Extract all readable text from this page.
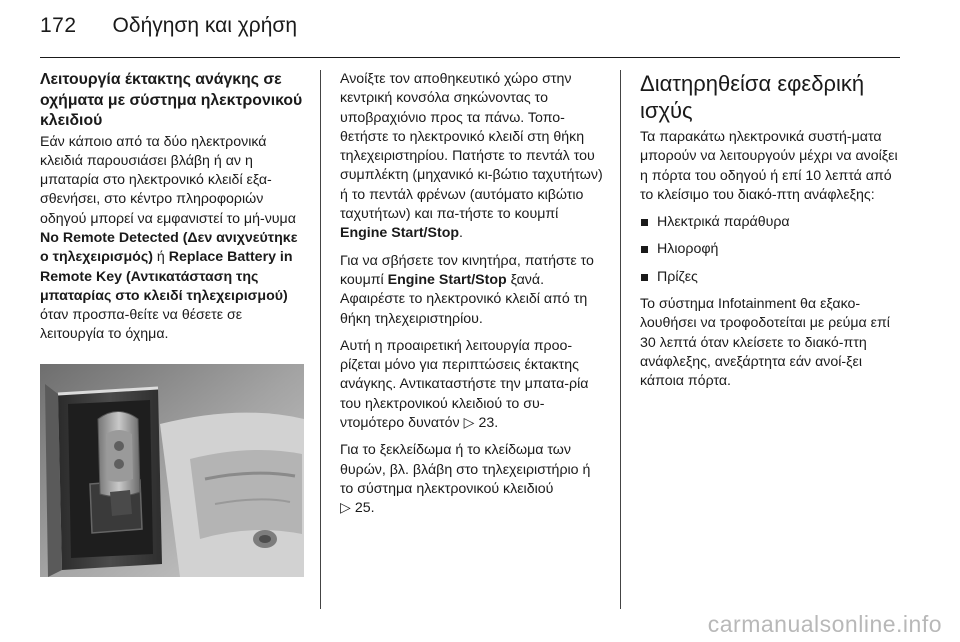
172 Οδήγηση και χρήση
Λειτουργία έκτακτης ανάγκης σε οχήματα με σύστημα ηλεκτρονικού κλειδιού

Εάν κάποιο από τα δύο ηλεκτρονικά κλειδιά παρουσιάσει βλάβη ή αν η μπαταρία στο ηλεκτρονικό κλειδί εξα-σθενήσει, στο κέντρο πληροφοριών οδηγού μπορεί να εμφανιστεί το μή-νυμα No Remote Detected (Δεν ανιχνεύτηκε ο τηλεχειρισμός) ή Replace Battery in Remote Key (Αντικατάσταση της μπαταρίας στο κλειδί τηλεχειρισμού) όταν προσπα-θείτε να θέσετε σε λειτουργία το όχημα.

Ανοίξτε τον αποθηκευτικό χώρο στην κεντρική κονσόλα σηκώνοντας το υποβραχιόνιο προς τα πάνω. Τοπο-θετήστε το ηλεκτρονικό κλειδί στη θήκη τηλεχειριστηρίου. Πατήστε το πεντάλ του συμπλέκτη (μηχανικό κι-βώτιο ταχυτήτων) ή το πεντάλ φρένων (αυτόματο κιβώτιο ταχυτήτων) και πα-τήστε το κουμπί Engine Start/Stop.

Για να σβήσετε τον κινητήρα, πατήστε το κουμπί Engine Start/Stop ξανά. Αφαιρέστε το ηλεκτρονικό κλειδί από τη θήκη τηλεχειριστηρίου.

Αυτή η προαιρετική λειτουργία προο-ρίζεται μόνο για περιπτώσεις έκτακτης ανάγκης. Αντικαταστήστε την μπατα-ρία του ηλεκτρονικού κλειδιού το συ-ντομότερο δυνατόν ▷ 23.

Για το ξεκλείδωμα ή το κλείδωμα των θυρών, βλ. βλάβη στο τηλεχειριστήριο ή το σύστημα ηλεκτρονικού κλειδιού
▷ 25.

Διατηρηθείσα εφεδρική ισχύς

Τα παρακάτω ηλεκτρονικά συστή-ματα μπορούν να λειτουργούν μέχρι να ανοίξει η πόρτα του οδηγού ή επί 10 λεπτά από το κλείσιμο του διακό-πτη ανάφλεξης:

Ηλεκτρικά παράθυρα
Ηλιοροφή
Πρίζες

Το σύστημα Infotainment θα εξακο-λουθήσει να τροφοδοτείται με ρεύμα επί 30 λεπτά όταν κλείσετε το διακό-πτη ανάφλεξης, ανεξάρτητα εάν ανοί-ξει κάποια πόρτα.

carmanualsonline.info
